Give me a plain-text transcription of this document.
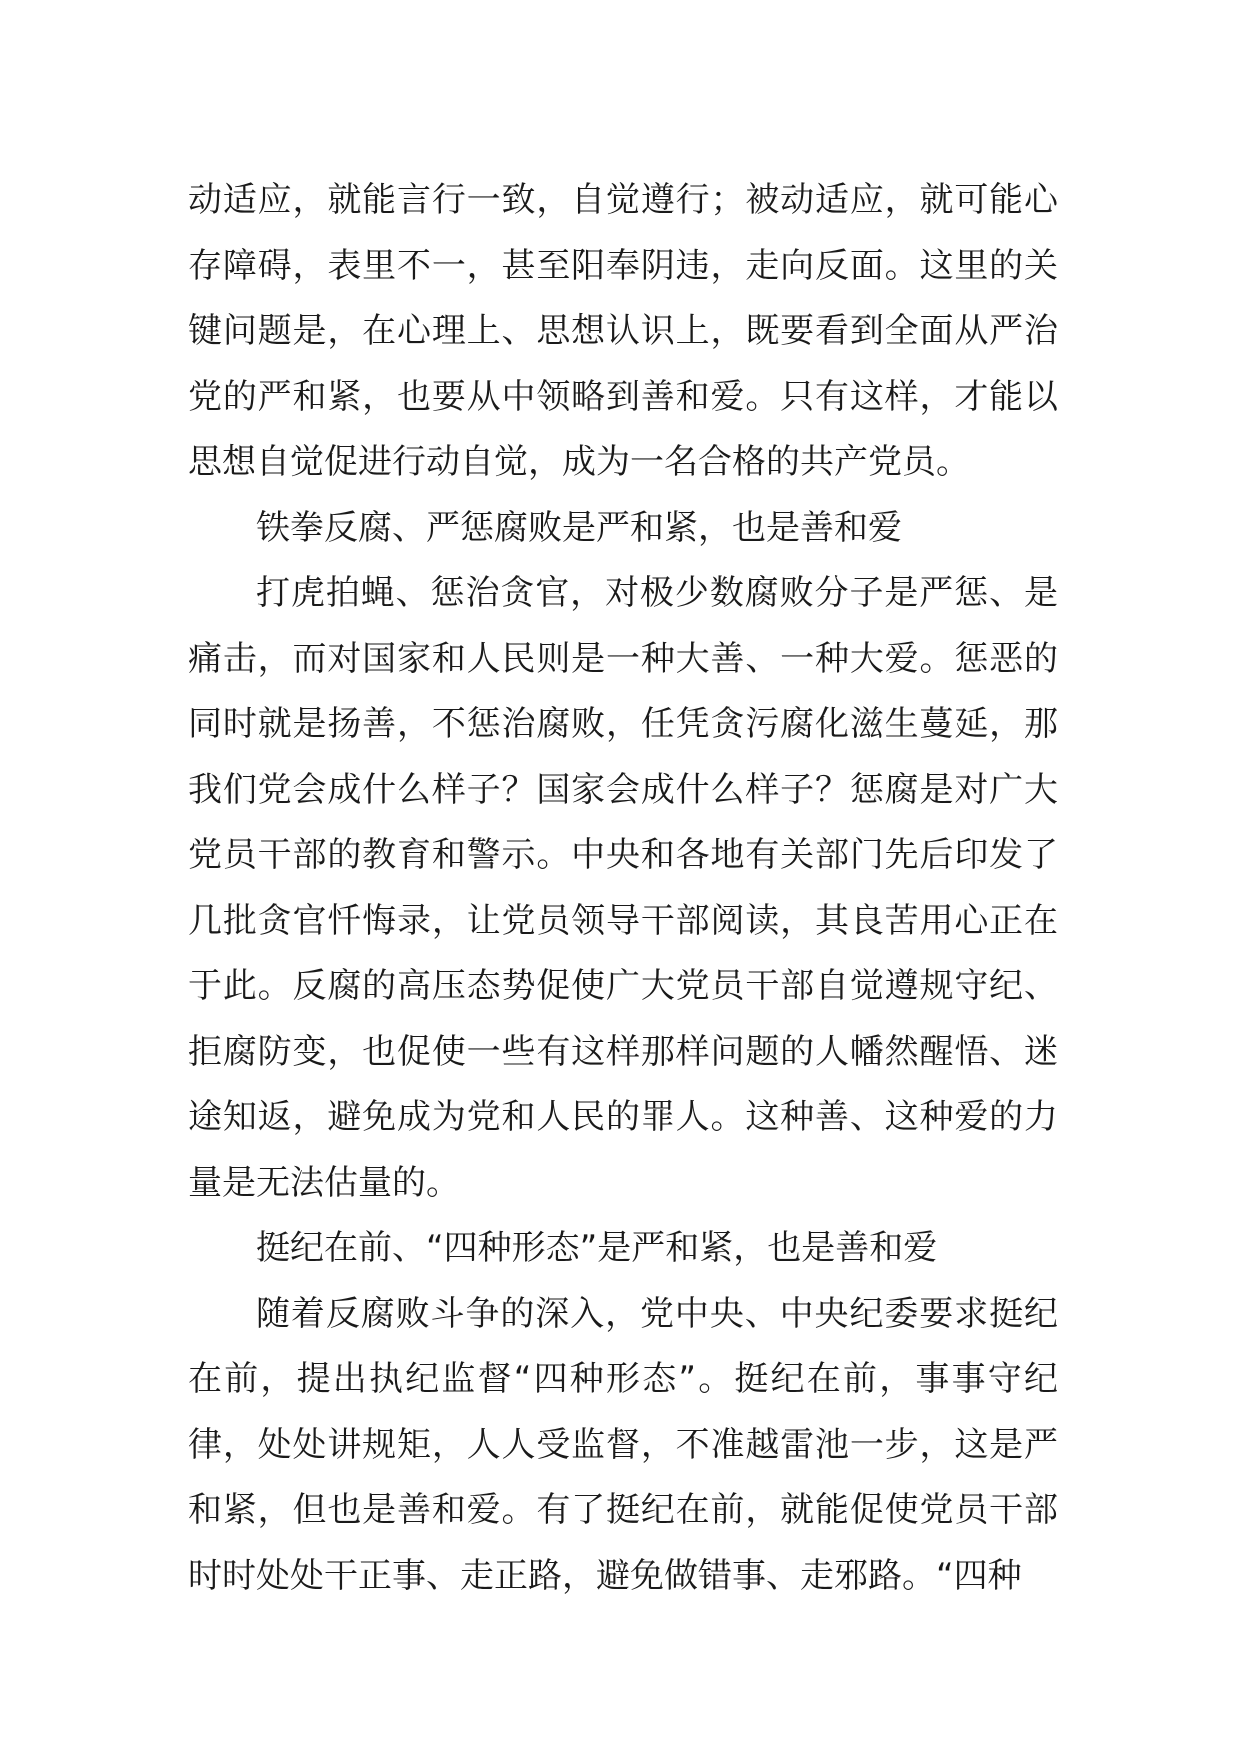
动适应，就能言行一致，自觉遵行；被动适应，就可能心存障碍，表里不一，甚至阳奉阴违，走向反面。这里的关键问题是，在心理上、思想认识上，既要看到全面从严治党的严和紧，也要从中领略到善和爱。只有这样，才能以思想自觉促进行动自觉，成为一名合格的共产党员。

铁拳反腐、严惩腐败是严和紧，也是善和爱

打虎拍蝇、惩治贪官，对极少数腐败分子是严惩、是痛击，而对国家和人民则是一种大善、一种大爱。惩恶的同时就是扬善，不惩治腐败，任凭贪污腐化滋生蔓延，那我们党会成什么样子？国家会成什么样子？惩腐是对广大党员干部的教育和警示。中央和各地有关部门先后印发了几批贪官忏悔录，让党员领导干部阅读，其良苦用心正在于此。反腐的高压态势促使广大党员干部自觉遵规守纪、拒腐防变，也促使一些有这样那样问题的人幡然醒悟、迷途知返，避免成为党和人民的罪人。这种善、这种爱的力量是无法估量的。

挺纪在前、“四种形态”是严和紧，也是善和爱

随着反腐败斗争的深入，党中央、中央纪委要求挺纪在前，提出执纪监督“四种形态”。挺纪在前，事事守纪律，处处讲规矩，人人受监督，不准越雷池一步，这是严和紧，但也是善和爱。有了挺纪在前，就能促使党员干部时时处处干正事、走正路，避免做错事、走邪路。“四种
